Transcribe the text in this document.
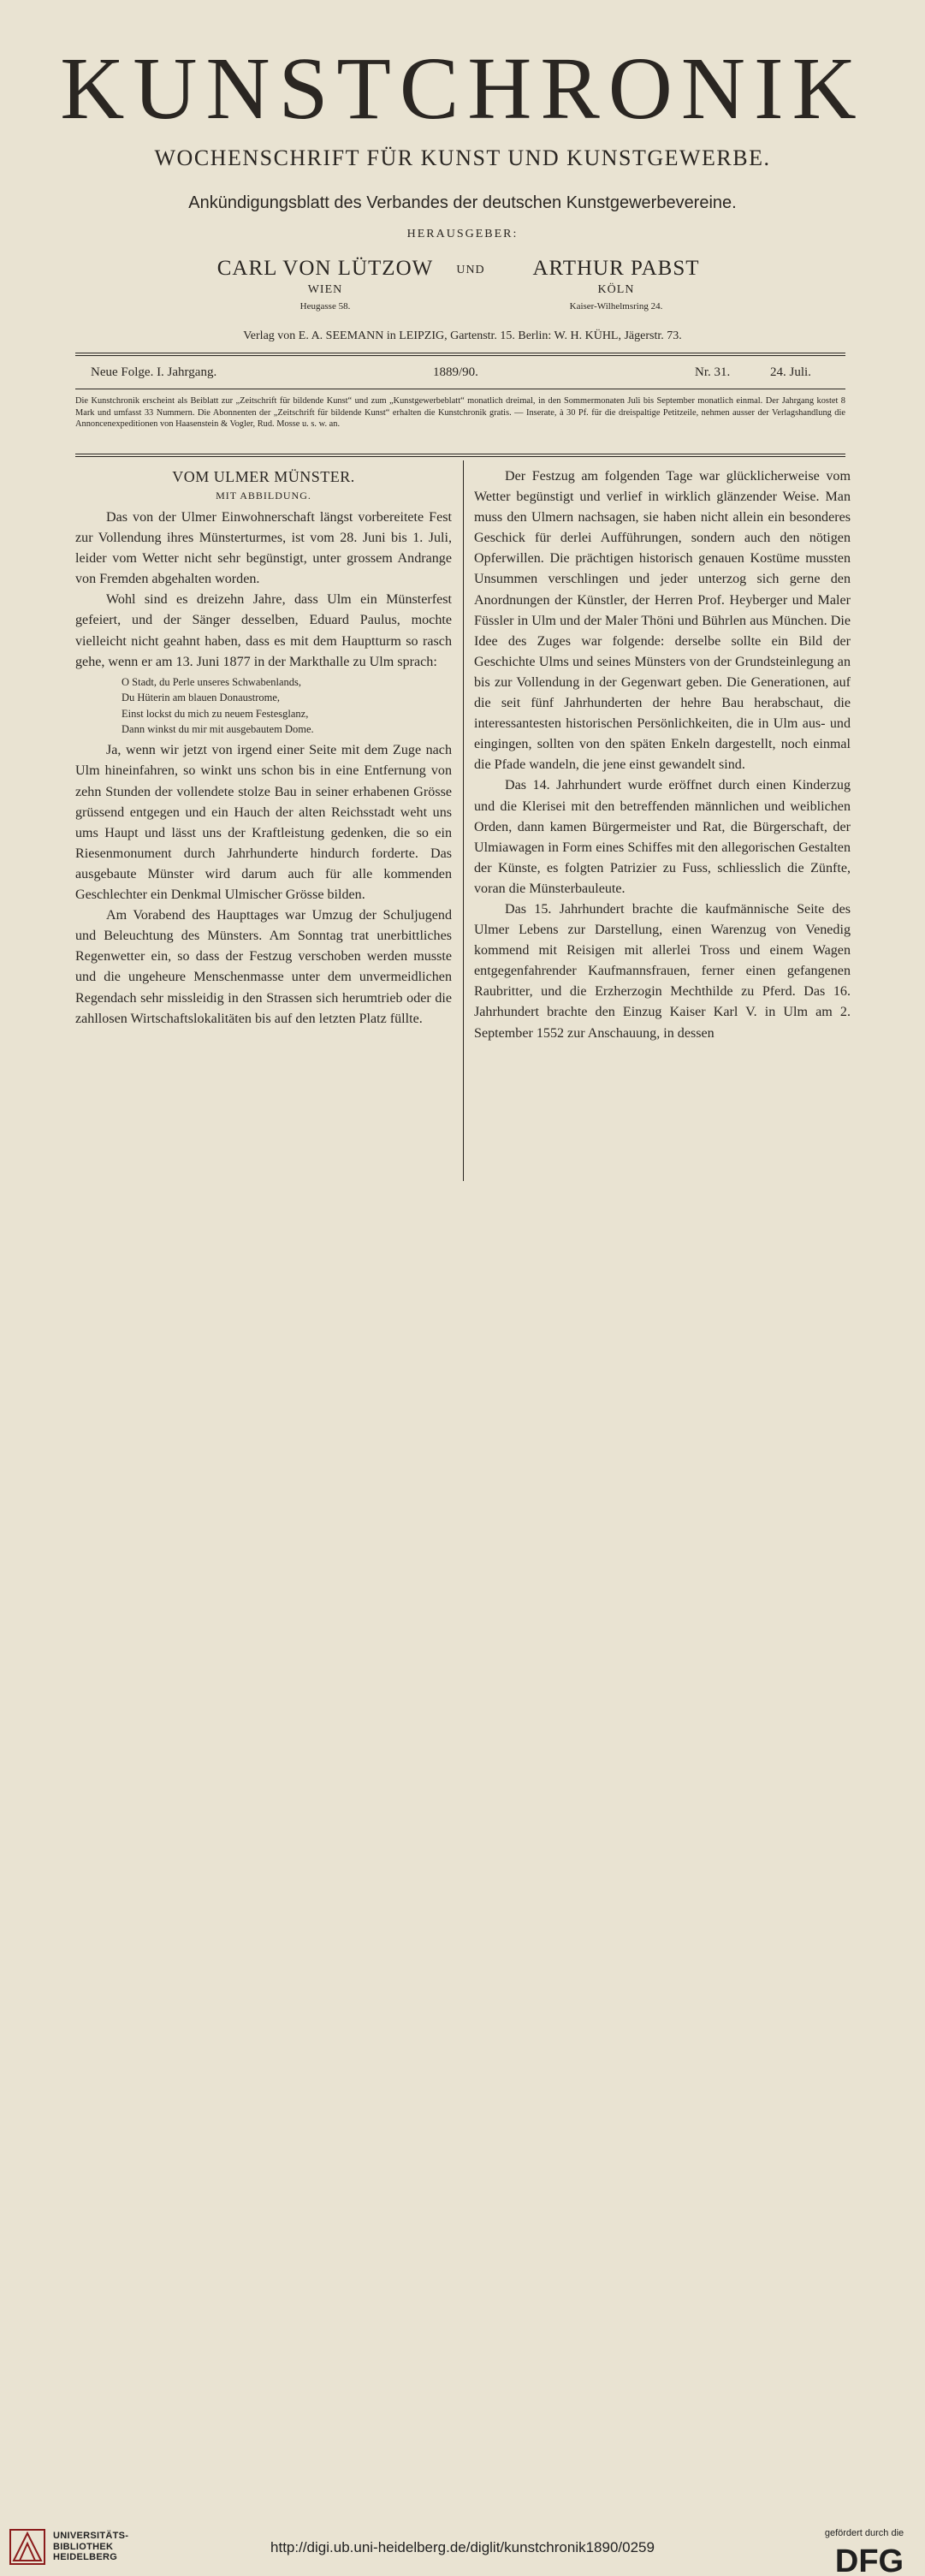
KUNSTCHRONIK
WOCHENSCHRIFT FÜR KUNST UND KUNSTGEWERBE.
Ankündigungsblatt des Verbandes der deutschen Kunstgewerbevereine.
HERAUSGEBER:
CARL VON LÜTZOW
WIEN
Heugasse 58.
UND	ARTHUR PABST
KÖLN
Kaiser-Wilhelmsring 24.
Verlag von E. A. SEEMANN in LEIPZIG, Gartenstr. 15. Berlin: W. H. KÜHL, Jägerstr. 73.
Neue Folge. I. Jahrgang.	1889/90.	Nr. 31.	24. Juli.
Die Kunstchronik erscheint als Beiblatt zur „Zeitschrift für bildende Kunst“ und zum „Kunstgewerbeblatt“ monatlich dreimal, in den Sommermonaten Juli bis September monatlich einmal. Der Jahrgang kostet 8 Mark und umfasst 33 Nummern. Die Abonnenten der „Zeitschrift für bildende Kunst“ erhalten die Kunstchronik gratis. — Inserate, à 30 Pf. für die dreispaltige Petitzeile, nehmen ausser der Verlagshandlung die Annoncenexpeditionen von Haasenstein & Vogler, Rud. Mosse u. s. w. an.
VOM ULMER MÜNSTER.
MIT ABBILDUNG.

Das von der Ulmer Einwohnerschaft längst vorbereitete Fest zur Vollendung ihres Münsterturmes, ist vom 28. Juni bis 1. Juli, leider vom Wetter nicht sehr begünstigt, unter grossem Andrange von Fremden abgehalten worden.

Wohl sind es dreizehn Jahre, dass Ulm ein Münsterfest gefeiert, und der Sänger desselben, Eduard Paulus, mochte vielleicht nicht geahnt haben, dass es mit dem Hauptturm so rasch gehe, wenn er am 13. Juni 1877 in der Markthalle zu Ulm sprach:

O Stadt, du Perle unseres Schwabenlands,
Du Hüterin am blauen Donaustrome,
Einst lockst du mich zu neuem Festesglanz,
Dann winkst du mir mit ausgebautem Dome.

Ja, wenn wir jetzt von irgend einer Seite mit dem Zuge nach Ulm hineinfahren, so winkt uns schon bis in eine Entfernung von zehn Stunden der vollendete stolze Bau in seiner erhabenen Grösse grüssend entgegen und ein Hauch der alten Reichsstadt weht uns ums Haupt und lässt uns der Kraftleistung gedenken, die so ein Riesenmonument durch Jahrhunderte hindurch forderte. Das ausgebaute Münster wird darum auch für alle kommenden Geschlechter ein Denkmal Ulmischer Grösse bilden.

Am Vorabend des Haupttages war Umzug der Schuljugend und Beleuchtung des Münsters. Am Sonntag trat unerbittliches Regenwetter ein, so dass der Festzug verschoben werden musste und die ungeheure Menschenmasse unter dem unvermeidlichen Regendach sehr missleidig in den Strassen sich herumtrieb oder die zahllosen Wirtschaftslokalitäten bis auf den letzten Platz füllte.

Der Festzug am folgenden Tage war glücklicherweise vom Wetter begünstigt und verlief in wirklich glänzender Weise. Man muss den Ulmern nachsagen, sie haben nicht allein ein besonderes Geschick für derlei Aufführungen, sondern auch den nötigen Opferwillen. Die prächtigen historisch genauen Kostüme mussten Unsummen verschlingen und jeder unterzog sich gerne den Anordnungen der Künstler, der Herren Prof. Heyberger und Maler Füssler in Ulm und der Maler Thöni und Bührlen aus München. Die Idee des Zuges war folgende: derselbe sollte ein Bild der Geschichte Ulms und seines Münsters von der Grundsteinlegung an bis zur Vollendung in der Gegenwart geben. Die Generationen, auf die seit fünf Jahrhunderten der hehre Bau herabschaut, die interessantesten historischen Persönlichkeiten, die in Ulm aus- und eingingen, sollten von den späten Enkeln dargestellt, noch einmal die Pfade wandeln, die jene einst gewandelt sind.

Das 14. Jahrhundert wurde eröffnet durch einen Kinderzug und die Klerisei mit den betreffenden männlichen und weiblichen Orden, dann kamen Bürgermeister und Rat, die Bürgerschaft, der Ulmiawagen in Form eines Schiffes mit den allegorischen Gestalten der Künste, es folgten Patrizier zu Fuss, schliesslich die Zünfte, voran die Münsterbauleute.

Das 15. Jahrhundert brachte die kaufmännische Seite des Ulmer Lebens zur Darstellung, einen Warenzug von Venedig kommend mit Reisigen mit allerlei Tross und einem Wagen entgegenfahrender Kaufmannsfrauen, ferner einen gefangenen Raubritter, und die Erzherzogin Mechthilde zu Pferd. Das 16. Jahrhundert brachte den Einzug Kaiser Karl V. in Ulm am 2. September 1552 zur Anschauung, in dessen

UNIVERSITÄTS-
BIBLIOTHEK
HEIDELBERG
http://digi.ub.uni-heidelberg.de/diglit/kunstchronik1890/0259
gefördert durch die
DFG
